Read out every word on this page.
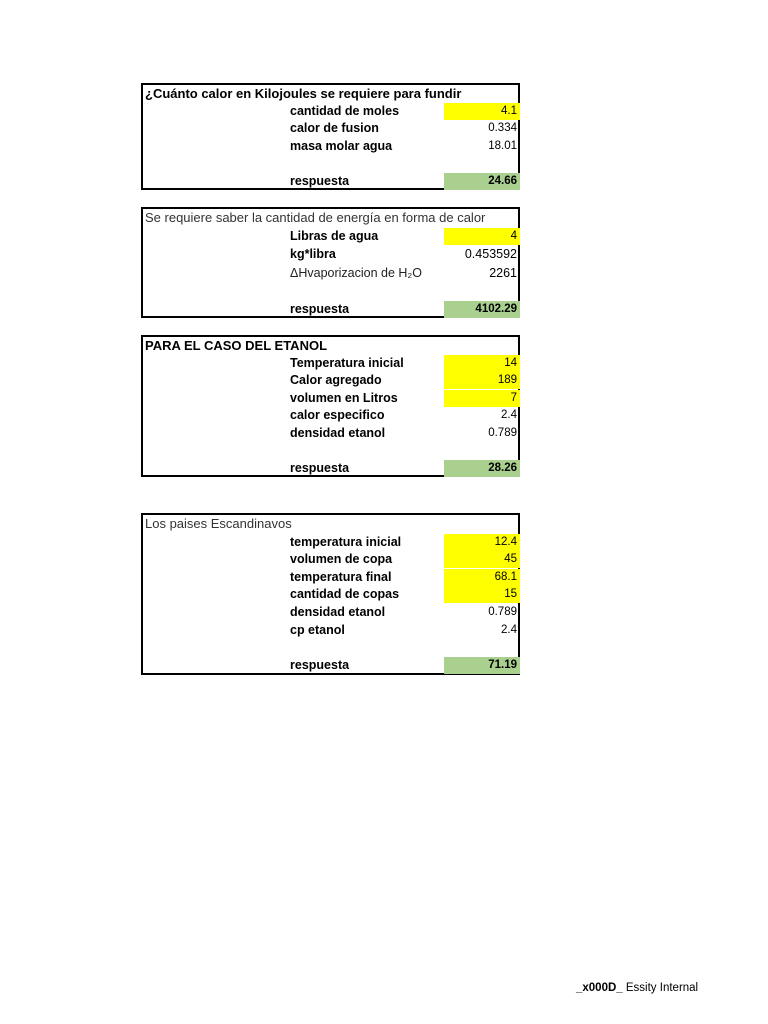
¿Cuánto calor en Kilojoules se requiere para fundir
cantidad de moles	4.1
calor de fusion	0.334
masa molar agua	18.01
respuesta	24.66
Se requiere saber la cantidad de energía en forma de calor
Libras de agua	4
kg*libra	0.453592
ΔHvaporizacion de H₂O	2261
respuesta	4102.29
PARA EL CASO DEL ETANOL
Temperatura inicial	14
Calor agregado	189
volumen en Litros	7
calor especifico	2.4
densidad etanol	0.789
respuesta	28.26
Los paises Escandinavos
temperatura inicial	12.4
volumen de copa	45
temperatura final	68.1
cantidad de copas	15
densidad etanol	0.789
cp etanol	2.4
respuesta	71.19
_x000D_ Essity Internal
